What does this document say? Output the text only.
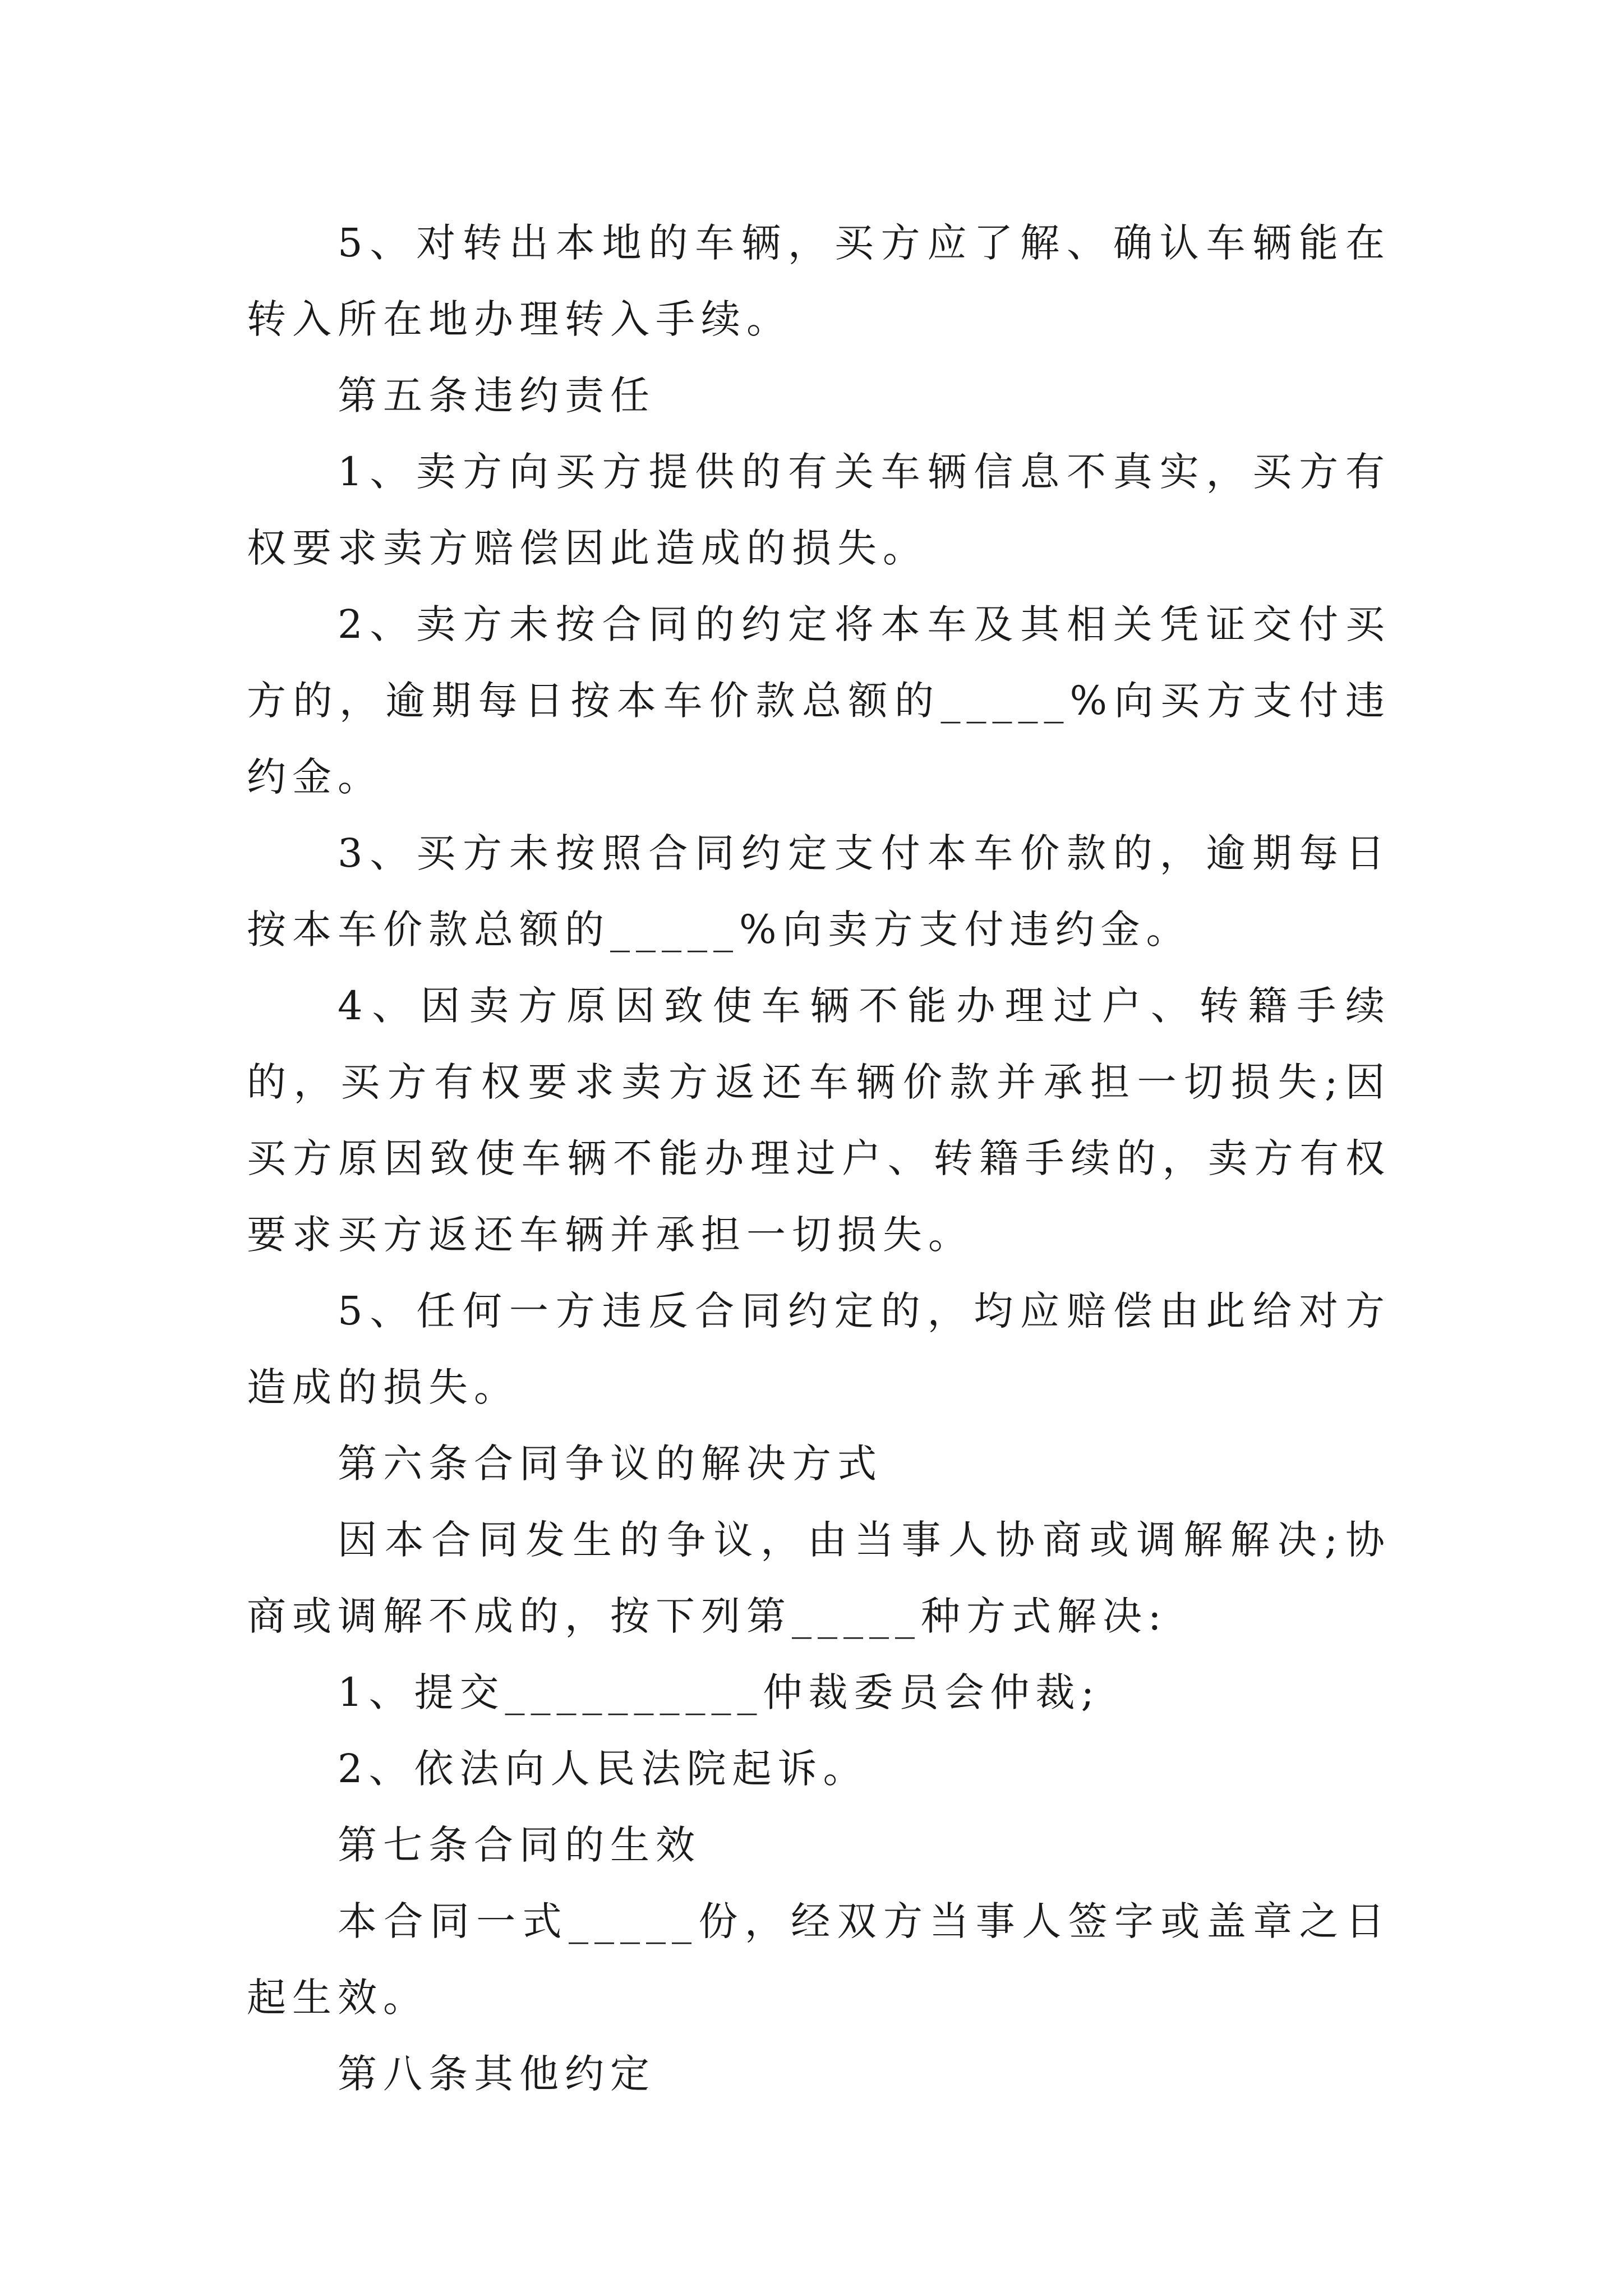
5、对转出本地的车辆，买方应了解、确认车辆能在转入所在地办理转入手续。

第五条违约责任

1、卖方向买方提供的有关车辆信息不真实，买方有权要求卖方赔偿因此造成的损失。

2、卖方未按合同的约定将本车及其相关凭证交付买方的，逾期每日按本车价款总额的_____%向买方支付违约金。

3、买方未按照合同约定支付本车价款的，逾期每日按本车价款总额的_____%向卖方支付违约金。

4、因卖方原因致使车辆不能办理过户、转籍手续的，买方有权要求卖方返还车辆价款并承担一切损失;因买方原因致使车辆不能办理过户、转籍手续的，卖方有权要求买方返还车辆并承担一切损失。

5、任何一方违反合同约定的，均应赔偿由此给对方造成的损失。

第六条合同争议的解决方式

因本合同发生的争议，由当事人协商或调解解决;协商或调解不成的，按下列第_____种方式解决:

1、提交__________仲裁委员会仲裁;

2、依法向人民法院起诉。

第七条合同的生效

本合同一式_____份，经双方当事人签字或盖章之日起生效。

第八条其他约定
